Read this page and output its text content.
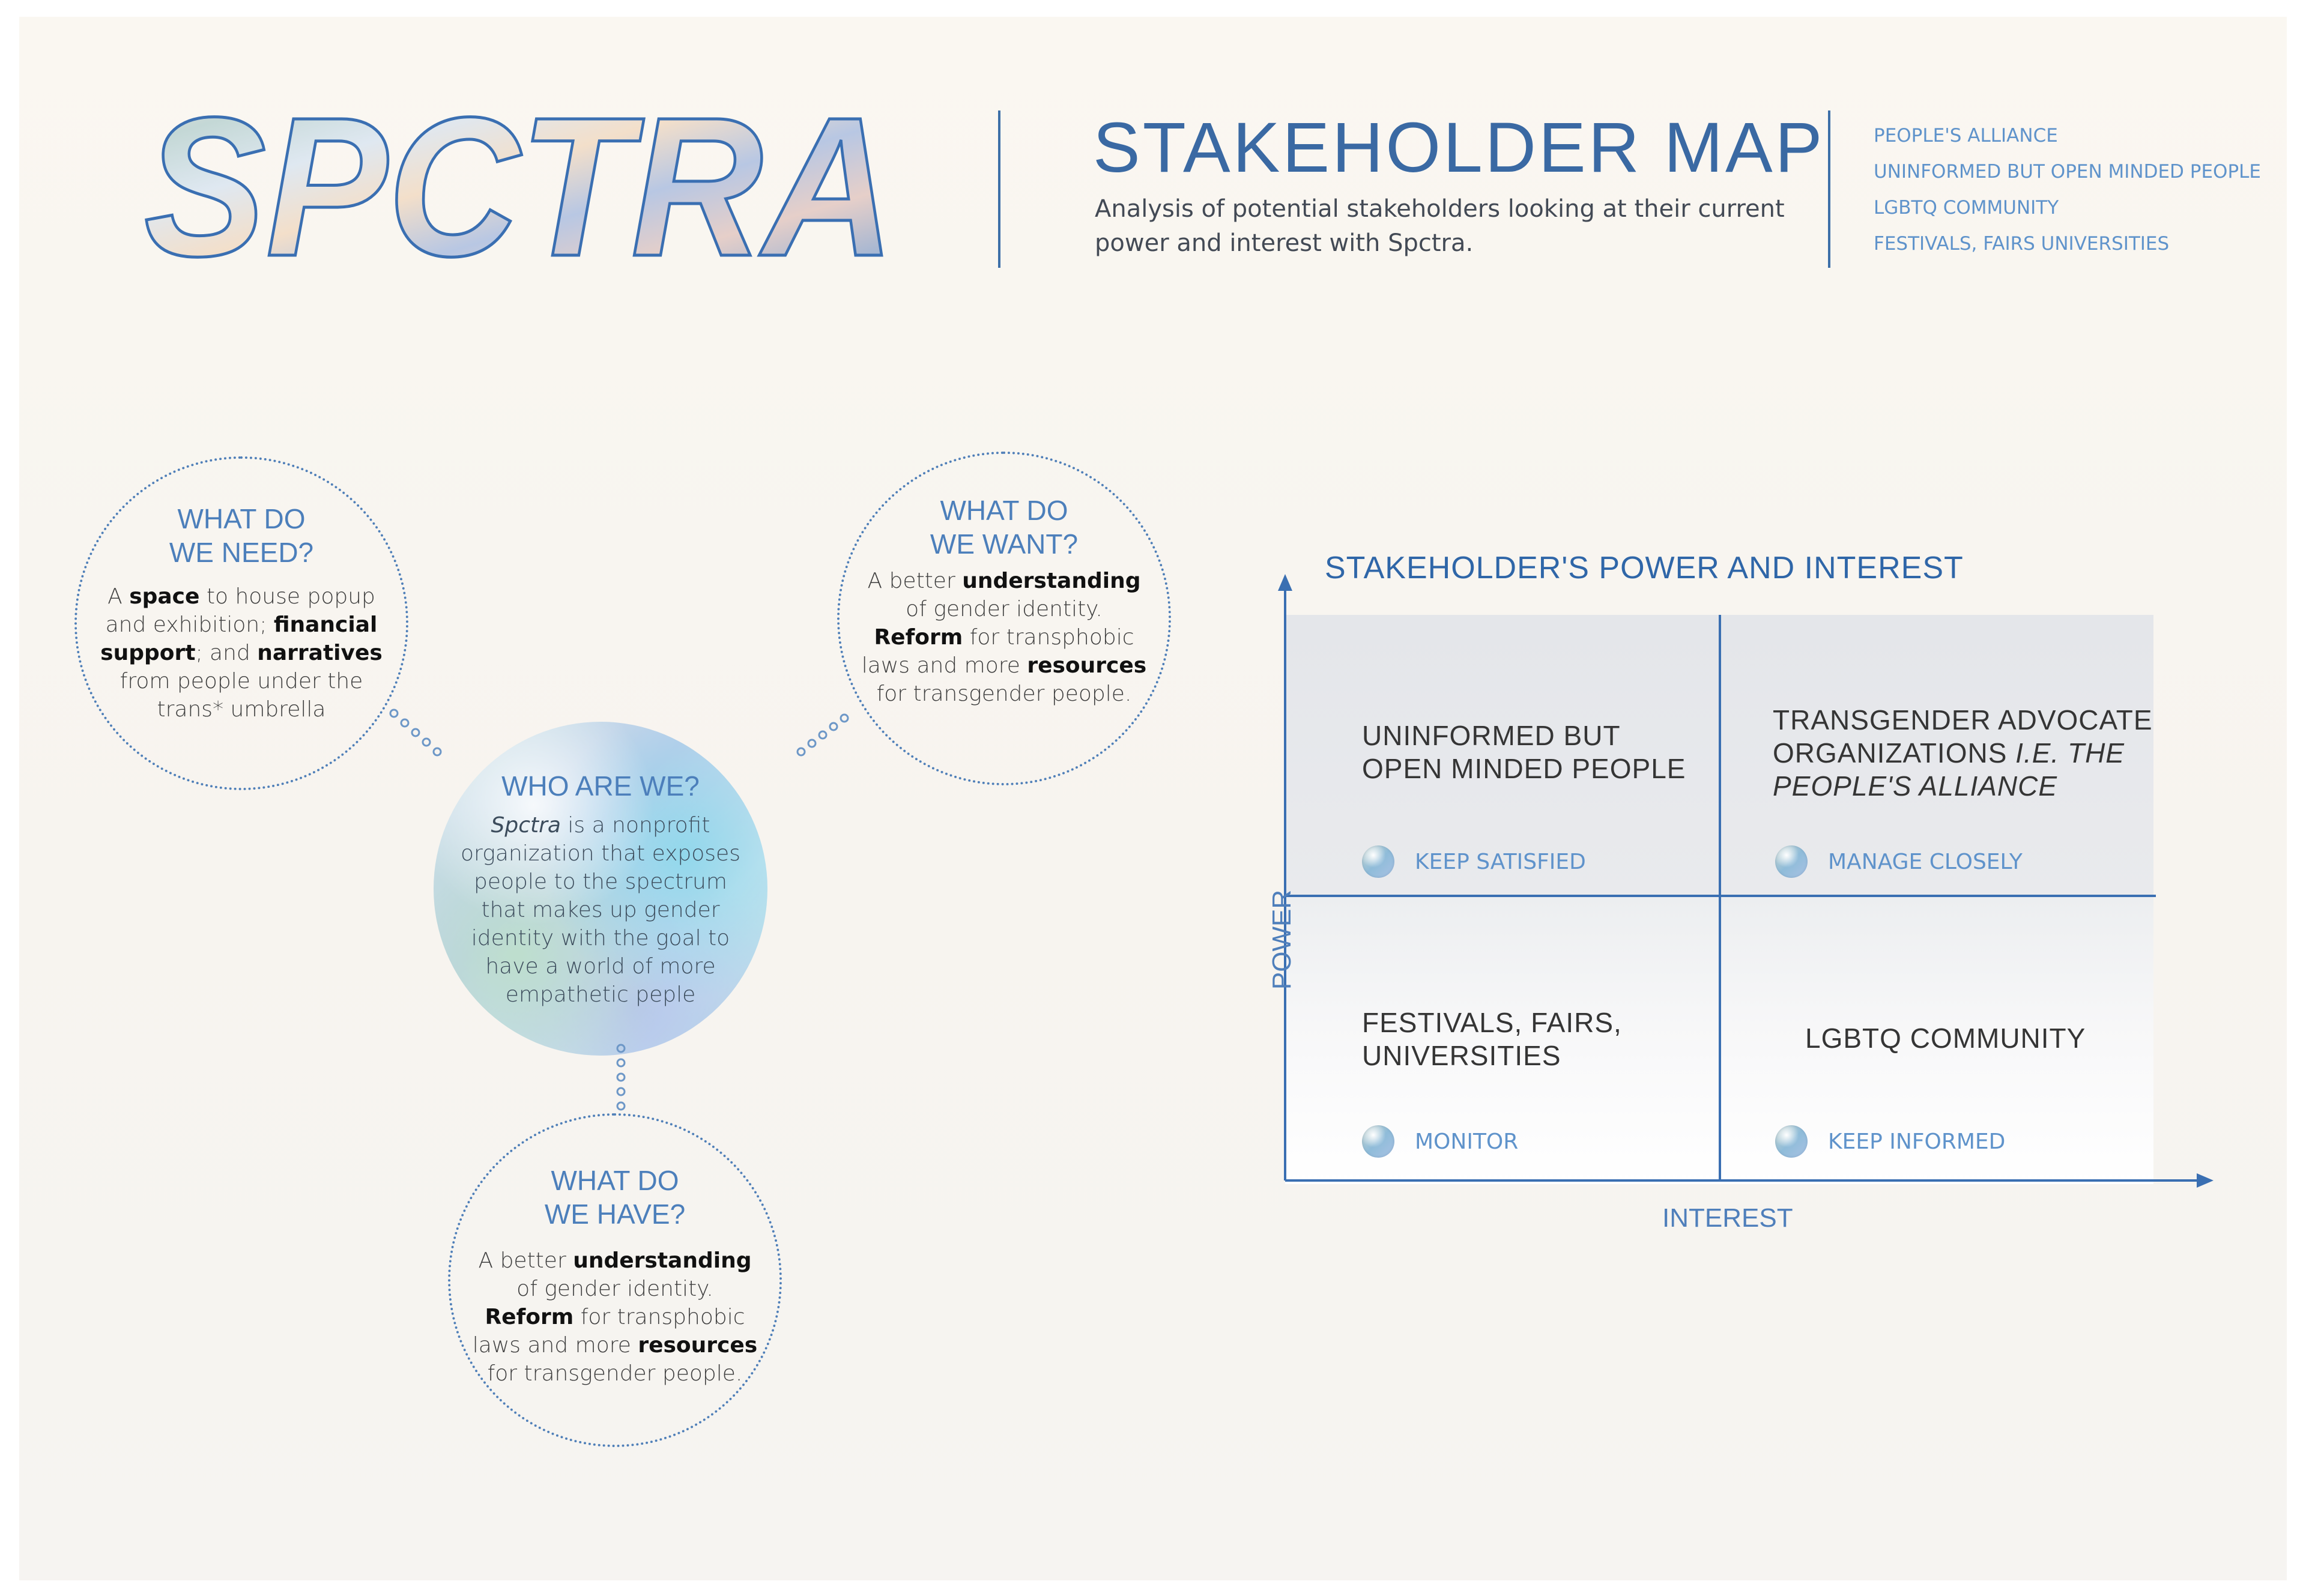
SPCTRA	STAKEHOLDER MAP
Analysis of potential stakeholders looking at their current power and interest with Spctra.
PEOPLE'S ALLIANCE
UNINFORMED BUT OPEN MINDED PEOPLE
LGBTQ COMMUNITY
FESTIVALS, FAIRS UNIVERSITIES
WHAT DO
WE NEED?
A space to house popup
and exhibition; financial
support; and narratives
from people under the
trans* umbrella
WHAT DO
WE WANT?
A better understanding
of gender identity.
Reform for transphobic
laws and more resources
for transgender people.
WHO ARE WE?
Spctra is a nonprofit
organization that exposes
people to the spectrum
that makes up gender
identity with the goal to
have a world of more
empathetic peple
WHAT DO
WE HAVE?
A better understanding
of gender identity.
Reform for transphobic
laws and more resources
for transgender people.
STAKEHOLDER'S POWER AND INTEREST
POWER
INTEREST
UNINFORMED BUT
OPEN MINDED PEOPLE
KEEP SATISFIED
TRANSGENDER ADVOCATE
ORGANIZATIONS I.E. THE
PEOPLE'S ALLIANCE
MANAGE CLOSELY
FESTIVALS, FAIRS,
UNIVERSITIES
MONITOR
LGBTQ COMMUNITY
KEEP INFORMED
